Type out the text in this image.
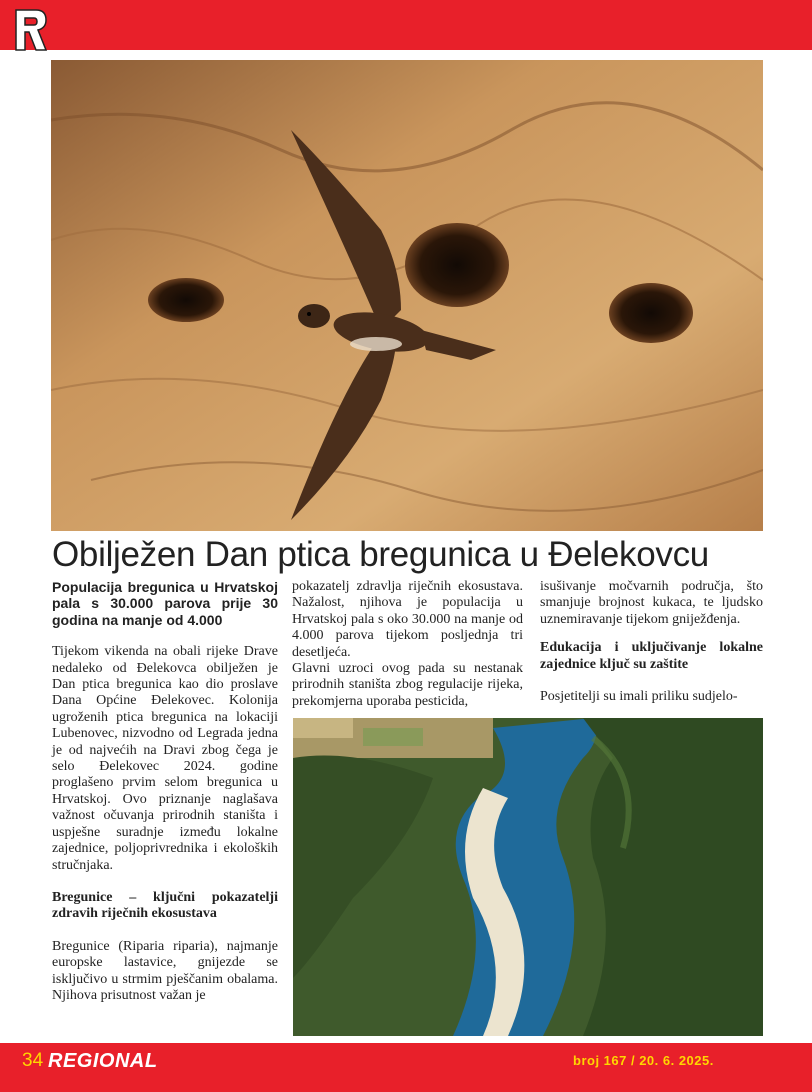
Obilježen Dan ptica bregunica u Đelekovcu

Populacija bregunica u Hrvatskoj pala s 30.000 parova prije 30 godina na manje od 4.000

Tijekom vikenda na obali rijeke Drave nedaleko od Đelekovca obilježen je Dan ptica bregunica kao dio proslave Dana Općine Đelekovec. Kolonija ugroženih ptica bregunica na lokaciji Lubenovec, nizvodno od Legrada jedna je od najvećih na Dravi zbog čega je selo Đelekovec 2024. godine proglašeno prvim selom bregunica u Hrvatskoj. Ovo priznanje naglašava važnost očuvanja prirodnih staništa i uspješne suradnje između lokalne zajednice, poljoprivrednika i ekoloških stručnjaka.

Bregunice – ključni pokazatelji zdravih riječnih ekosustava

Bregunice (Riparia riparia), najmanje europske lastavice, gnijezde se isključivo u strmim pješčanim obalama. Njihova prisutnost važan je

pokazatelj zdravlja riječnih ekosustava. Nažalost, njihova je populacija u Hrvatskoj pala s oko 30.000 na manje od 4.000 parova tijekom posljednja tri desetljeća.

Glavni uzroci ovog pada su nestanak prirodnih staništa zbog regulacije rijeka, prekomjerna uporaba pesticida,

isušivanje močvarnih područja, što smanjuje brojnost kukaca, te ljudsko uznemiravanje tijekom gniježđenja.

Edukacija i uključivanje lokalne zajednice ključ su zaštite

Posjetitelji su imali priliku sudjelo-

34 REGIONAL	broj 167 / 20. 6. 2025.
